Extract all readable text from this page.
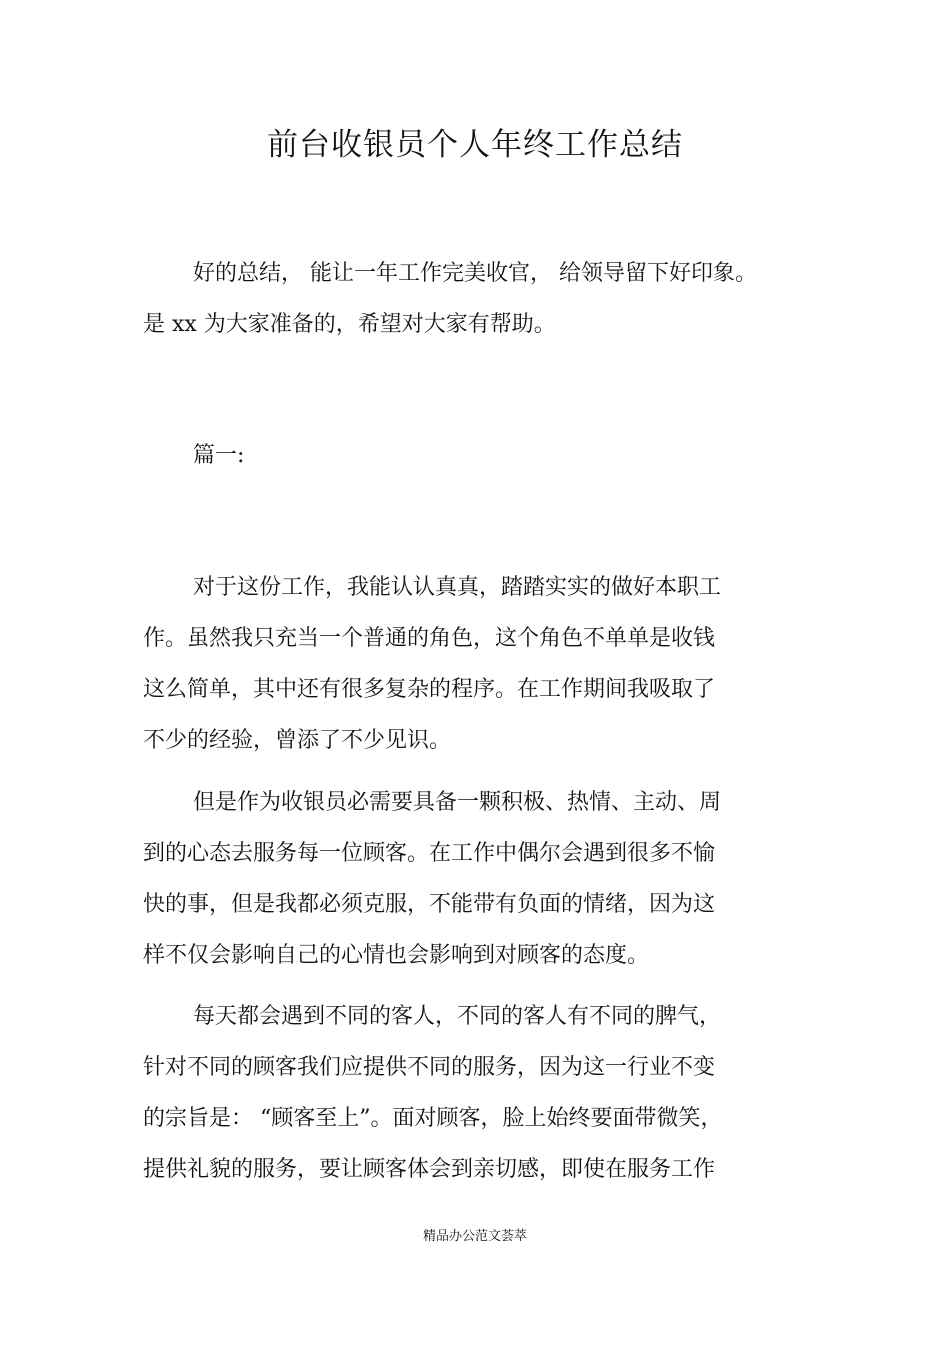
前台收银员个人年终工作总结
好的总结， 能让一年工作完美收官， 给领导留下好印象。
是 xx 为大家准备的，希望对大家有帮助。
篇一:
对于这份工作，我能认认真真，踏踏实实的做好本职工
作。虽然我只充当一个普通的角色，这个角色不单单是收钱
这么简单，其中还有很多复杂的程序。在工作期间我吸取了
不少的经验，曾添了不少见识。
但是作为收银员必需要具备一颗积极、热情、主动、周
到的心态去服务每一位顾客。在工作中偶尔会遇到很多不愉
快的事，但是我都必须克服，不能带有负面的情绪，因为这
样不仅会影响自己的心情也会影响到对顾客的态度。
每天都会遇到不同的客人，不同的客人有不同的脾气，
针对不同的顾客我们应提供不同的服务，因为这一行业不变
的宗旨是： “顾客至上”。面对顾客，脸上始终要面带微笑，
提供礼貌的服务，要让顾客体会到亲切感，即使在服务工作
精品办公范文荟萃
